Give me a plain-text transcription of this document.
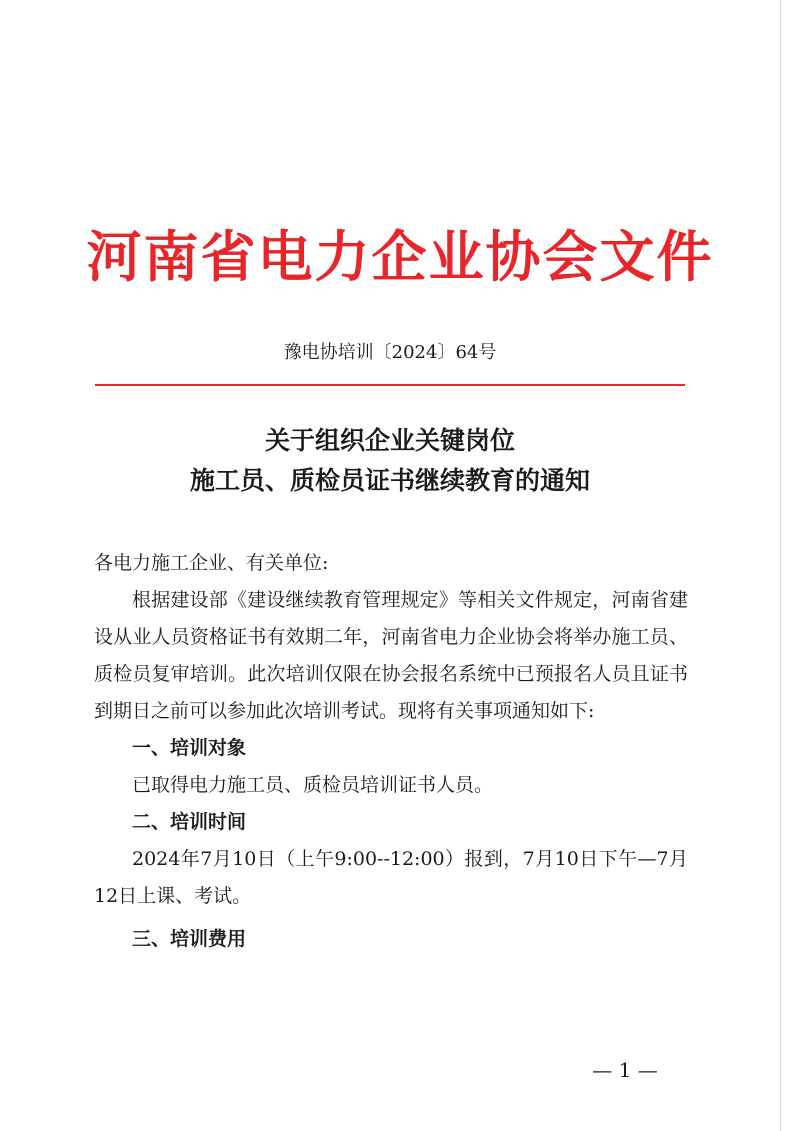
河南省电力企业协会文件
豫电协培训〔2024〕64号
关于组织企业关键岗位
施工员、质检员证书继续教育的通知

各电力施工企业、有关单位:

根据建设部《建设继续教育管理规定》等相关文件规定，河南省建设从业人员资格证书有效期二年，河南省电力企业协会将举办施工员、质检员复审培训。此次培训仅限在协会报名系统中已预报名人员且证书到期日之前可以参加此次培训考试。现将有关事项通知如下:

一、培训对象

已取得电力施工员、质检员培训证书人员。

二、培训时间

2024年7月10日（上午9:00--12:00）报到，7月10日下午—7月12日上课、考试。

三、培训费用

— 1 —
